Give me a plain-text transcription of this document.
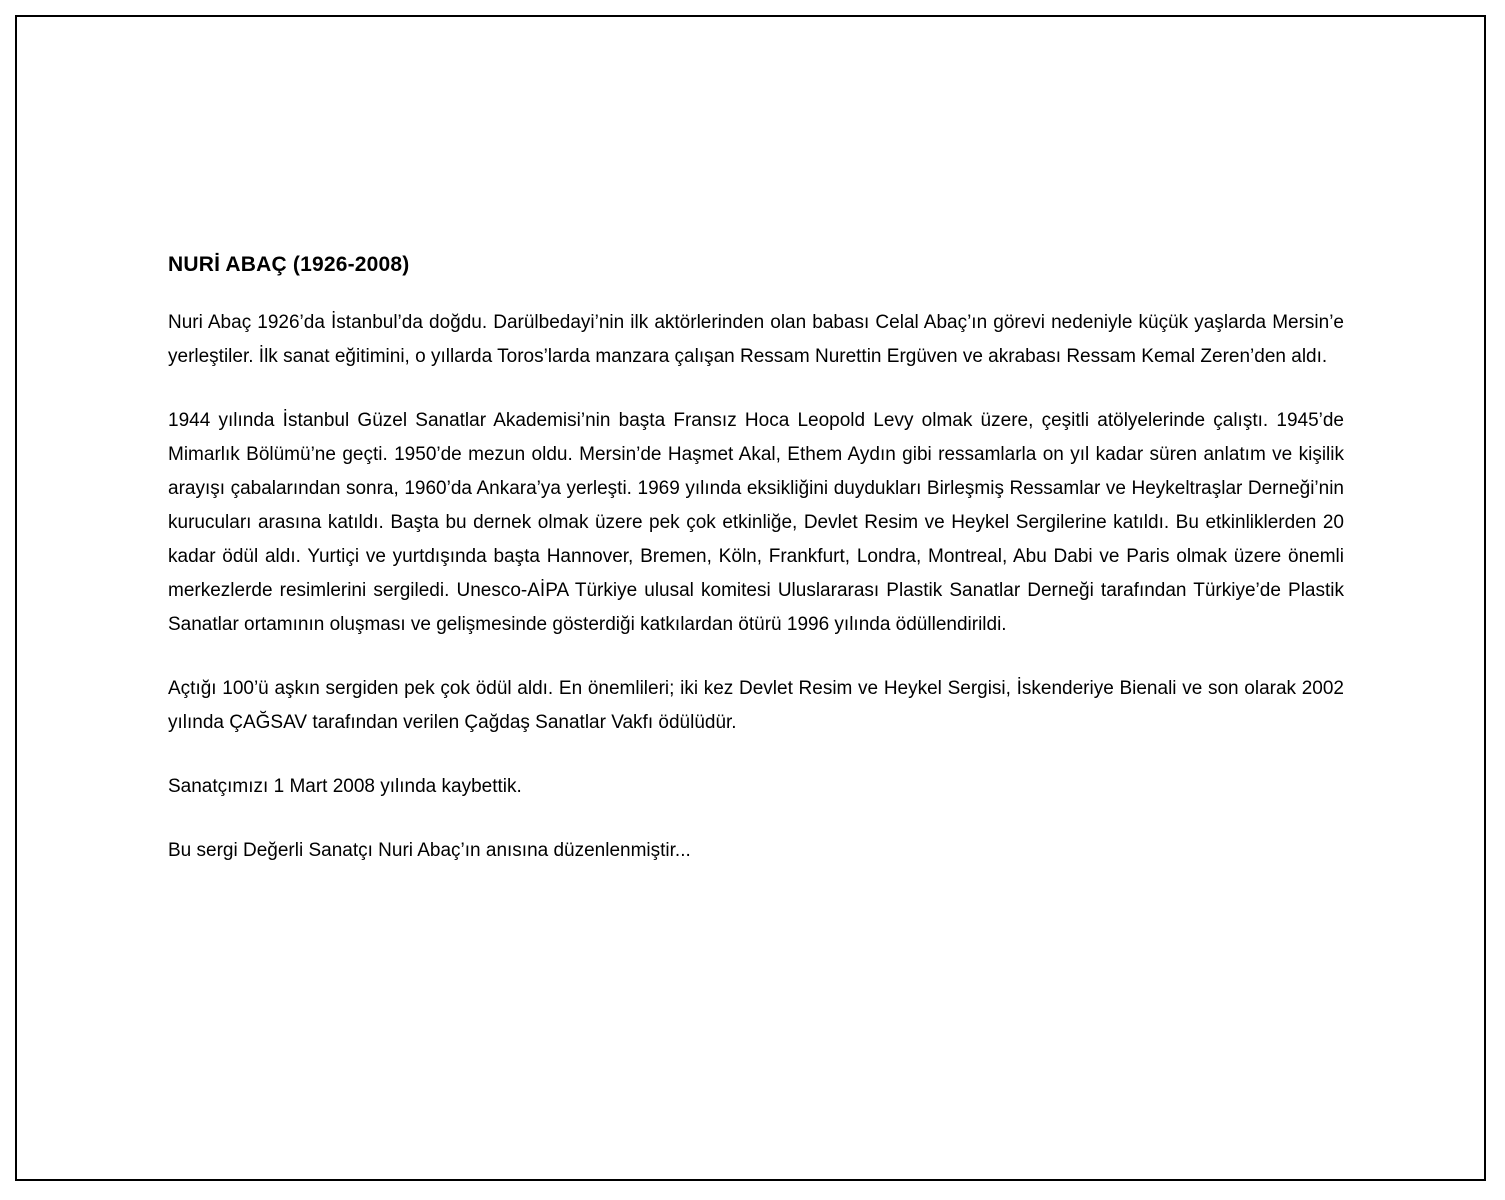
NURİ ABAÇ (1926-2008)

Nuri Abaç 1926’da İstanbul’da doğdu. Darülbedayi’nin ilk aktörlerinden olan babası Celal Abaç’ın görevi nedeniyle küçük yaşlarda Mersin’e yerleştiler. İlk sanat eğitimini, o yıllarda Toros’larda manzara çalışan Ressam Nurettin Ergüven ve akrabası Ressam Kemal Zeren’den aldı.

1944 yılında İstanbul Güzel Sanatlar Akademisi’nin başta Fransız Hoca Leopold Levy olmak üzere, çeşitli atölyelerinde çalıştı. 1945’de Mimarlık Bölümü’ne geçti. 1950’de mezun oldu. Mersin’de Haşmet Akal, Ethem Aydın gibi ressamlarla on yıl kadar süren anlatım ve kişilik arayışı çabalarından sonra, 1960’da Ankara’ya yerleşti. 1969 yılında eksikliğini duydukları Birleşmiş Ressamlar ve Heykeltraşlar Derneği’nin kurucuları arasına katıldı. Başta bu dernek olmak üzere pek çok etkinliğe, Devlet Resim ve Heykel Sergilerine katıldı. Bu etkinliklerden 20 kadar ödül aldı. Yurtiçi ve yurtdışında başta Hannover, Bremen, Köln, Frankfurt, Londra, Montreal, Abu Dabi ve Paris olmak üzere önemli merkezlerde resimlerini sergiledi. Unesco-AİPA Türkiye ulusal komitesi Uluslararası Plastik Sanatlar Derneği tarafından Türkiye’de Plastik Sanatlar ortamının oluşması ve gelişmesinde gösterdiği katkılardan ötürü 1996 yılında ödüllendirildi.

Açtığı 100’ü aşkın sergiden pek çok ödül aldı. En önemlileri; iki kez Devlet Resim ve Heykel Sergisi, İskenderiye Bienali ve son olarak 2002 yılında ÇAĞSAV tarafından verilen Çağdaş Sanatlar Vakfı ödülüdür.

Sanatçımızı 1 Mart 2008 yılında kaybettik.

Bu sergi Değerli Sanatçı Nuri Abaç’ın anısına düzenlenmiştir...
